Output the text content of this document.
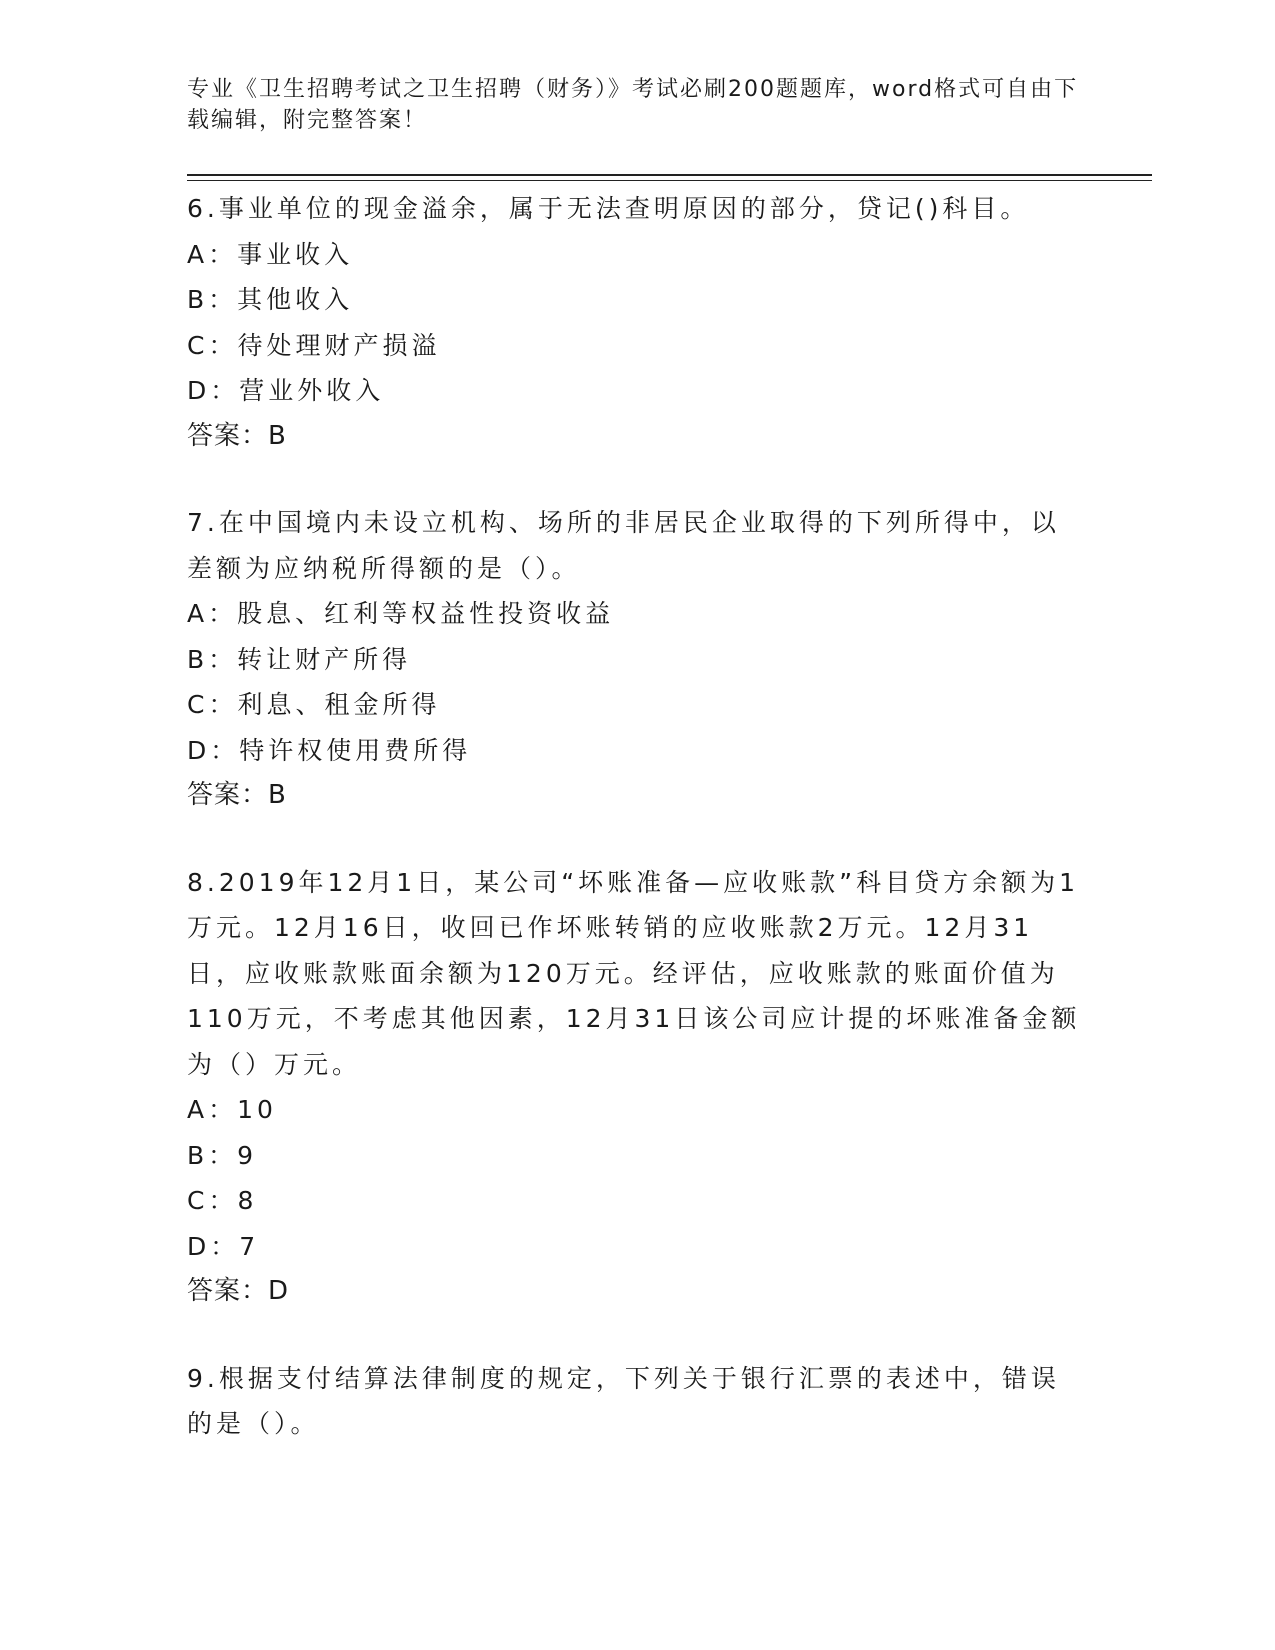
专业《卫生招聘考试之卫生招聘（财务）》考试必刷200题题库，word格式可自由下载编辑，附完整答案！

6.事业单位的现金溢余，属于无法查明原因的部分，贷记()科目。

A：事业收入

B：其他收入

C：待处理财产损溢

D：营业外收入

答案：B

7.在中国境内未设立机构、场所的非居民企业取得的下列所得中，以差额为应纳税所得额的是（）。

A：股息、红利等权益性投资收益

B：转让财产所得

C：利息、租金所得

D：特许权使用费所得

答案：B

8.2019年12月1日，某公司“坏账准备—应收账款”科目贷方余额为1万元。12月16日，收回已作坏账转销的应收账款2万元。12月31日，应收账款账面余额为120万元。经评估，应收账款的账面价值为110万元，不考虑其他因素，12月31日该公司应计提的坏账准备金额为（）万元。

A：10

B：9

C：8

D：7

答案：D

9.根据支付结算法律制度的规定，下列关于银行汇票的表述中，错误的是（）。
